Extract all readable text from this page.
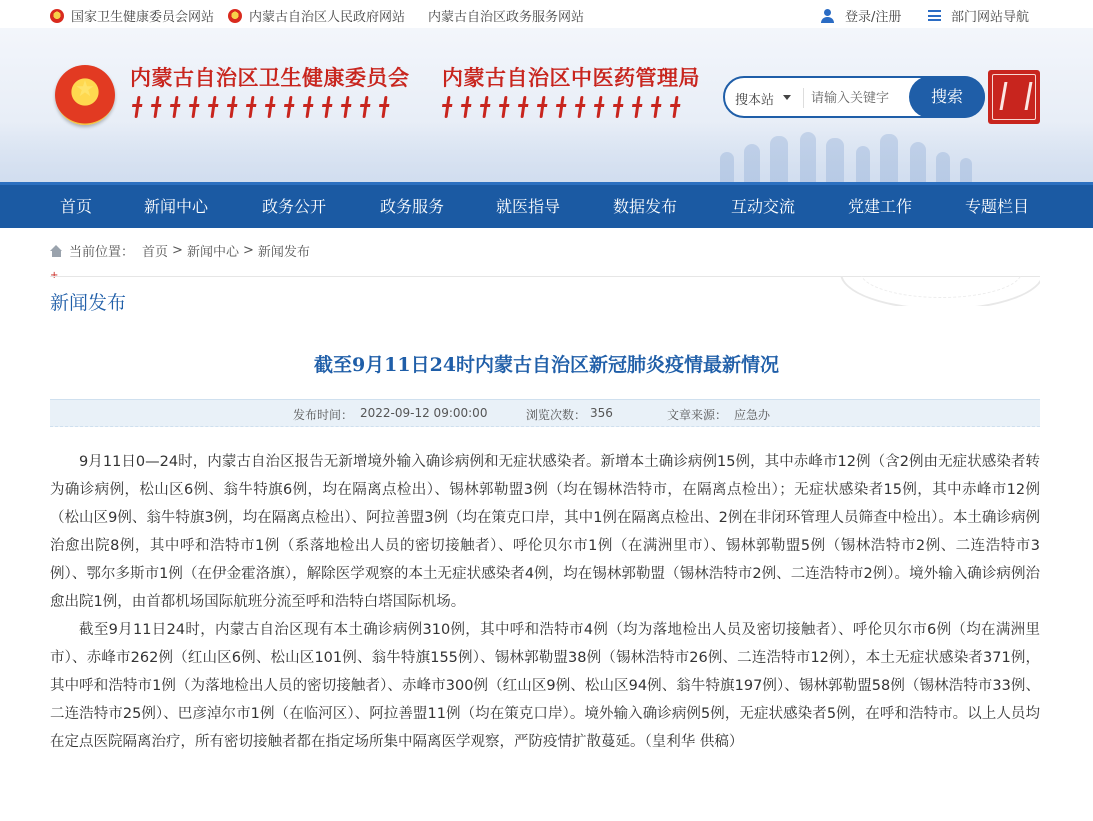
国家卫生健康委员会网站	内蒙古自治区人民政府网站 内蒙古自治区政务服务网站	登录/注册	部门网站导航
★
内蒙古自治区卫生健康委员会 内蒙古自治区中医药管理局
搜本站
请输入关键字	搜索
首页	新闻中心	政务公开	政务服务	就医指导	数据发布	互动交流	党建工作	专题栏目
当前位置： 首页 > 新闻中心 > 新闻发布
新闻发布
截至9月11日24时内蒙古自治区新冠肺炎疫情最新情况
发布时间： 2022-09-12 09:00:00	浏览次数： 356	文章来源： 应急办

9月11日0—24时，内蒙古自治区报告无新增境外输入确诊病例和无症状感染者。新增本土确诊病例15例，其中赤峰市12例（含2例由无症状感染者转为确诊病例，松山区6例、翁牛特旗6例，均在隔离点检出）、锡林郭勒盟3例（均在锡林浩特市，在隔离点检出）；无症状感染者15例，其中赤峰市12例（松山区9例、翁牛特旗3例，均在隔离点检出）、阿拉善盟3例（均在策克口岸，其中1例在隔离点检出、2例在非闭环管理人员筛查中检出）。本土确诊病例治愈出院8例，其中呼和浩特市1例（系落地检出人员的密切接触者）、呼伦贝尔市1例（在满洲里市）、锡林郭勒盟5例（锡林浩特市2例、二连浩特市3例）、鄂尔多斯市1例（在伊金霍洛旗），解除医学观察的本土无症状感染者4例，均在锡林郭勒盟（锡林浩特市2例、二连浩特市2例）。境外输入确诊病例治愈出院1例，由首都机场国际航班分流至呼和浩特白塔国际机场。

截至9月11日24时，内蒙古自治区现有本土确诊病例310例，其中呼和浩特市4例（均为落地检出人员及密切接触者）、呼伦贝尔市6例（均在满洲里市）、赤峰市262例（红山区6例、松山区101例、翁牛特旗155例）、锡林郭勒盟38例（锡林浩特市26例、二连浩特市12例），本土无症状感染者371例，其中呼和浩特市1例（为落地检出人员的密切接触者）、赤峰市300例（红山区9例、松山区94例、翁牛特旗197例）、锡林郭勒盟58例（锡林浩特市33例、二连浩特市25例）、巴彦淖尔市1例（在临河区）、阿拉善盟11例（均在策克口岸）。境外输入确诊病例5例，无症状感染者5例，在呼和浩特市。以上人员均在定点医院隔离治疗，所有密切接触者都在指定场所集中隔离医学观察，严防疫情扩散蔓延。（皇利华 供稿）
